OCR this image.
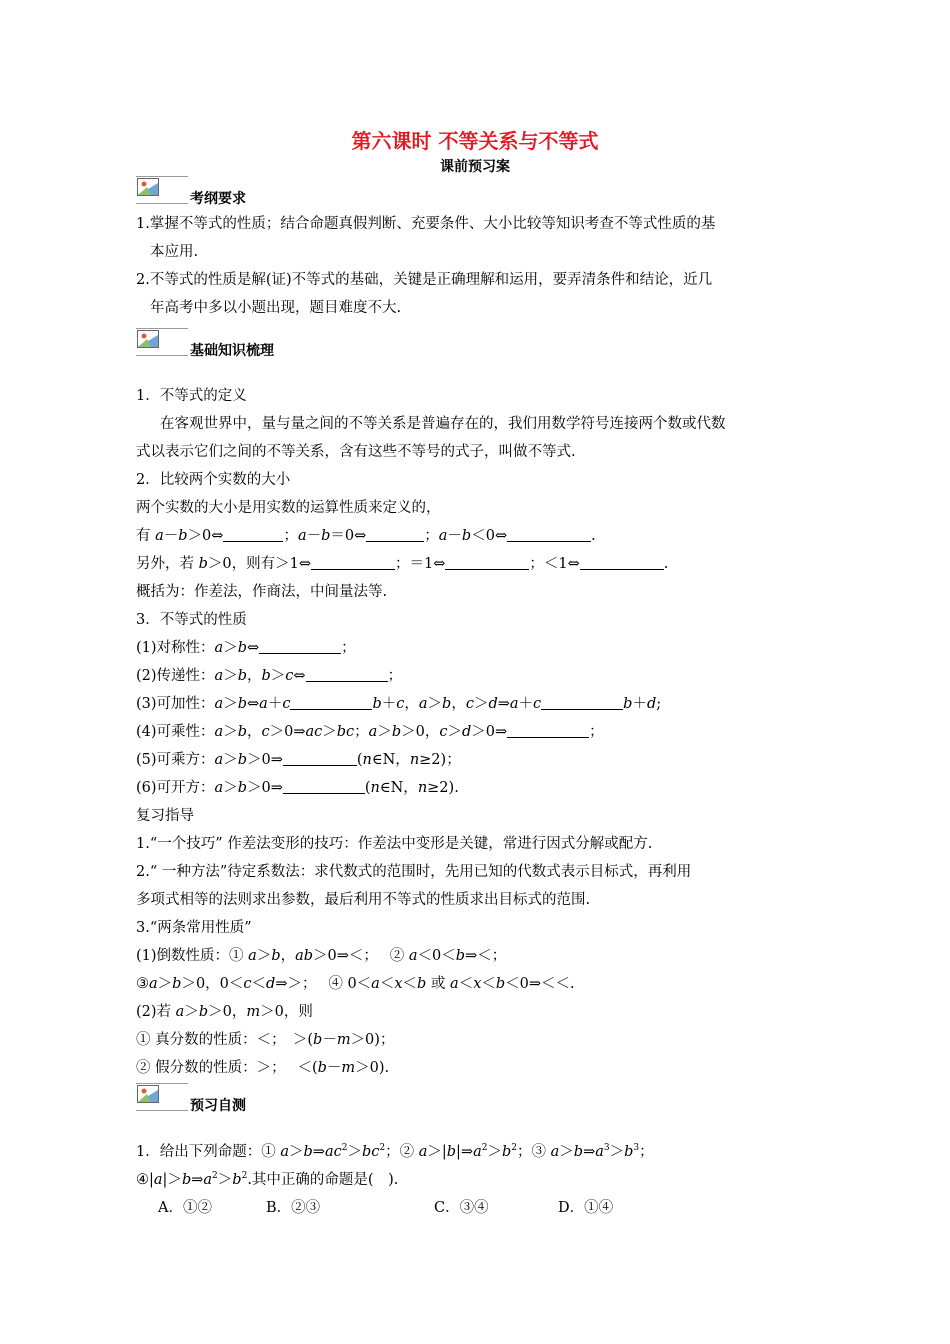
第六课时 不等关系与不等式
课前预习案
考纲要求
1.掌握不等式的性质；结合命题真假判断、充要条件、大小比较等知识考查不等式性质的基
本应用.
2.不等式的性质是解(证)不等式的基础，关键是正确理解和运用，要弄清条件和结论，近几
年高考中多以小题出现，题目难度不大.
基础知识梳理
1．不等式的定义
在客观世界中，量与量之间的不等关系是普遍存在的，我们用数学符号连接两个数或代数
式以表示它们之间的不等关系，含有这些不等号的式子，叫做不等式.
2．比较两个实数的大小
两个实数的大小是用实数的运算性质来定义的，
有 a－b＞0⇔	；a－b＝0⇔	；a－b＜0⇔	.
另外，若 b＞0，则有＞1⇔	；＝1⇔	；＜1⇔	.
概括为：作差法，作商法，中间量法等.
3．不等式的性质
(1)对称性：a＞b⇔	；
(2)传递性：a＞b，b＞c⇔	；
(3)可加性：a＞b⇔a＋c	b＋c，a＞b，c＞d⇒a＋c	b＋d;
(4)可乘性：a＞b，c＞0⇒ac＞bc；a＞b＞0，c＞d＞0⇒	；
(5)可乘方：a＞b＞0⇒	(n∈N，n≥2)；
(6)可开方：a＞b＞0⇒	(n∈N，n≥2).
复习指导
1.“一个技巧” 作差法变形的技巧：作差法中变形是关键，常进行因式分解或配方.
2.“ 一种方法”待定系数法：求代数式的范围时，先用已知的代数式表示目标式，再利用
多项式相等的法则求出参数，最后利用不等式的性质求出目标式的范围.
3.“两条常用性质”
(1)倒数性质：① a＞b，ab＞0⇒＜；　 ② a＜0＜b⇒＜；
③a＞b＞0，0＜c＜d⇒＞；　 ④ 0＜a＜x＜b 或 a＜x＜b＜0⇒＜＜.
(2)若 a＞b＞0，m＞0，则
① 真分数的性质：＜；　＞(b－m＞0)；
② 假分数的性质：＞；　 ＜(b－m＞0).
预习自测
1．给出下列命题：① $a>b\Rightarrow ac^2>bc^2$；② $a>|b|\Rightarrow a^2>b^2$；③ $a>b\Rightarrow a^3>b^3$；
$④|a|>b\Rightarrow a^2>b^2$.其中正确的命题是(　).
A．①②	B．②③	C．③④	D．①④
